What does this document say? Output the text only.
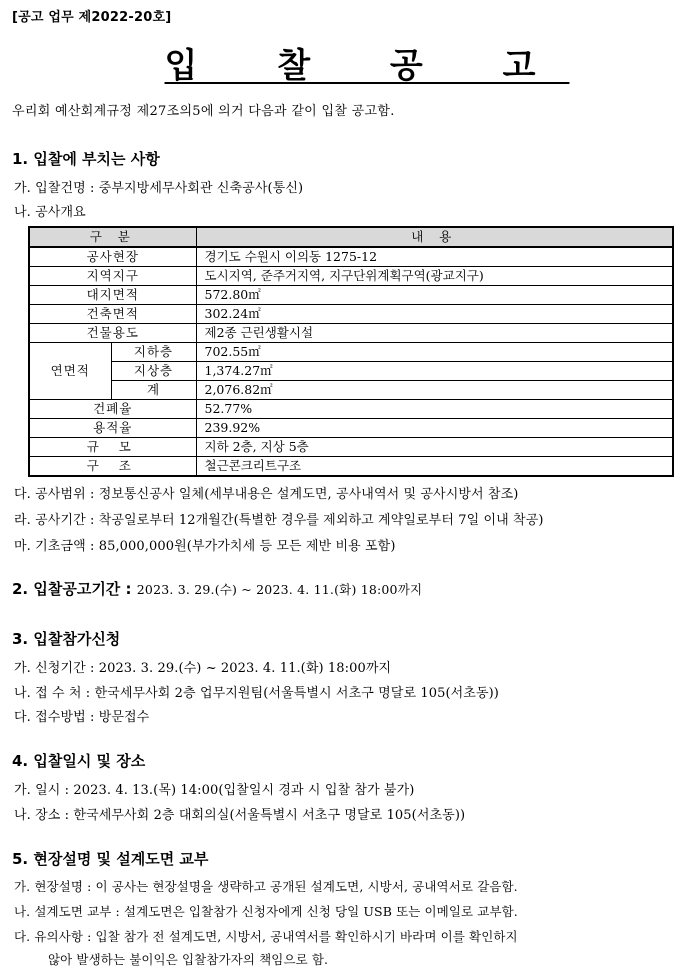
[공고 업무 제2022-20호]
입 찰 공 고
우리회 예산회계규정 제27조의5에 의거 다음과 같이 입찰 공고함.
1. 입찰에 부치는 사항
가. 입찰건명 : 중부지방세무사회관 신축공사(통신)
나. 공사개요
구 분		내 용
공사현장		경기도 수원시 이의동 1275-12
지역지구		도시지역, 준주거지역, 지구단위계획구역(광교지구)
대지면적		572.80㎡
건축면적		302.24㎡
건물용도		제2종 근린생활시설
연면적	지하층	702.55㎡
	지상층	1,374.27㎡
	계	2,076.82㎡
건폐율		52.77%
용적율		239.92%
규 모		지하 2층, 지상 5층
구 조		철근콘크리트구조
다. 공사범위 : 정보통신공사 일체(세부내용은 설계도면, 공사내역서 및 공사시방서 참조)
라. 공사기간 : 착공일로부터 12개월간(특별한 경우를 제외하고 계약일로부터 7일 이내 착공)
마. 기초금액 : 85,000,000원(부가가치세 등 모든 제반 비용 포함)
2. 입찰공고기간 : 2023. 3. 29.(수) ~ 2023. 4. 11.(화) 18:00까지
3. 입찰참가신청
가. 신청기간 : 2023. 3. 29.(수) ~ 2023. 4. 11.(화) 18:00까지
나. 접 수 처 : 한국세무사회 2층 업무지원팀(서울특별시 서초구 명달로 105(서초동))
다. 접수방법 : 방문접수
4. 입찰일시 및 장소
가. 일시 : 2023. 4. 13.(목) 14:00(입찰일시 경과 시 입찰 참가 불가)
나. 장소 : 한국세무사회 2층 대회의실(서울특별시 서초구 명달로 105(서초동))
5. 현장설명 및 설계도면 교부
가. 현장설명 : 이 공사는 현장설명을 생략하고 공개된 설계도면, 시방서, 공내역서로 갈음함.
나. 설계도면 교부 : 설계도면은 입찰참가 신청자에게 신청 당일 USB 또는 이메일로 교부함.
다. 유의사항 : 입찰 참가 전 설계도면, 시방서, 공내역서를 확인하시기 바라며 이를 확인하지
않아 발생하는 불이익은 입찰참가자의 책임으로 함.
